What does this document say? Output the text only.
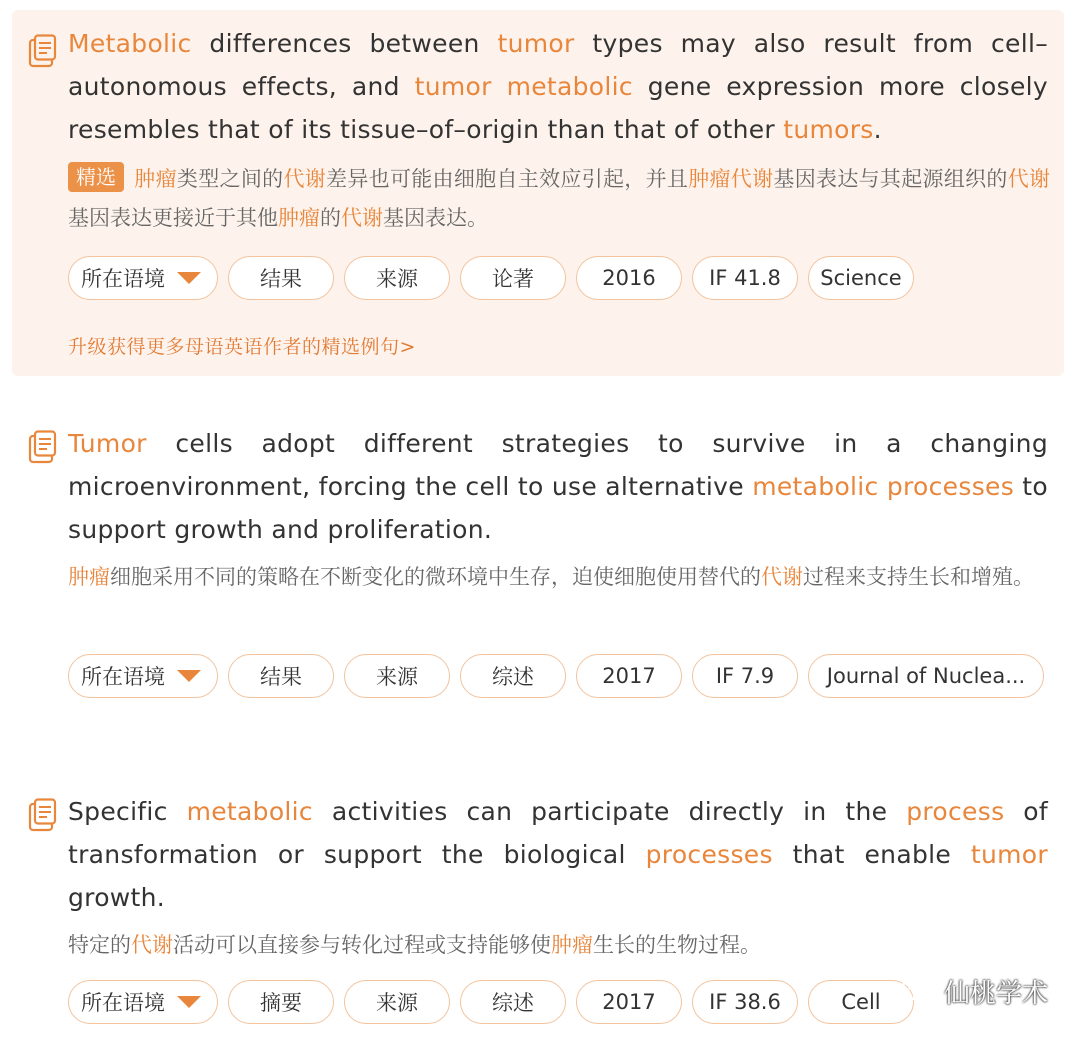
Metabolic differences between tumor types may also result from cell–autonomous effects, and tumor metabolic gene expression more closely resembles that of its tissue–of–origin than that of other tumors.
精选 肿瘤类型之间的代谢差异也可能由细胞自主效应引起，并且肿瘤代谢基因表达与其起源组织的代谢基因表达更接近于其他肿瘤的代谢基因表达。
所在语境	结果	来源	论著	2016	IF 41.8	Science
升级获得更多母语英语作者的精选例句>
Tumor cells adopt different strategies to survive in a changing microenvironment, forcing the cell to use alternative metabolic processes to support growth and proliferation.
肿瘤细胞采用不同的策略在不断变化的微环境中生存，迫使细胞使用替代的代谢过程来支持生长和增殖。
所在语境	结果	来源	综述	2017	IF 7.9	Journal of Nuclea...
Specific metabolic activities can participate directly in the process of transformation or support the biological processes that enable tumor growth.
特定的代谢活动可以直接参与转化过程或支持能够使肿瘤生长的生物过程。
所在语境	摘要	来源	综述	2017	IF 38.6	Cell	仙桃学术
